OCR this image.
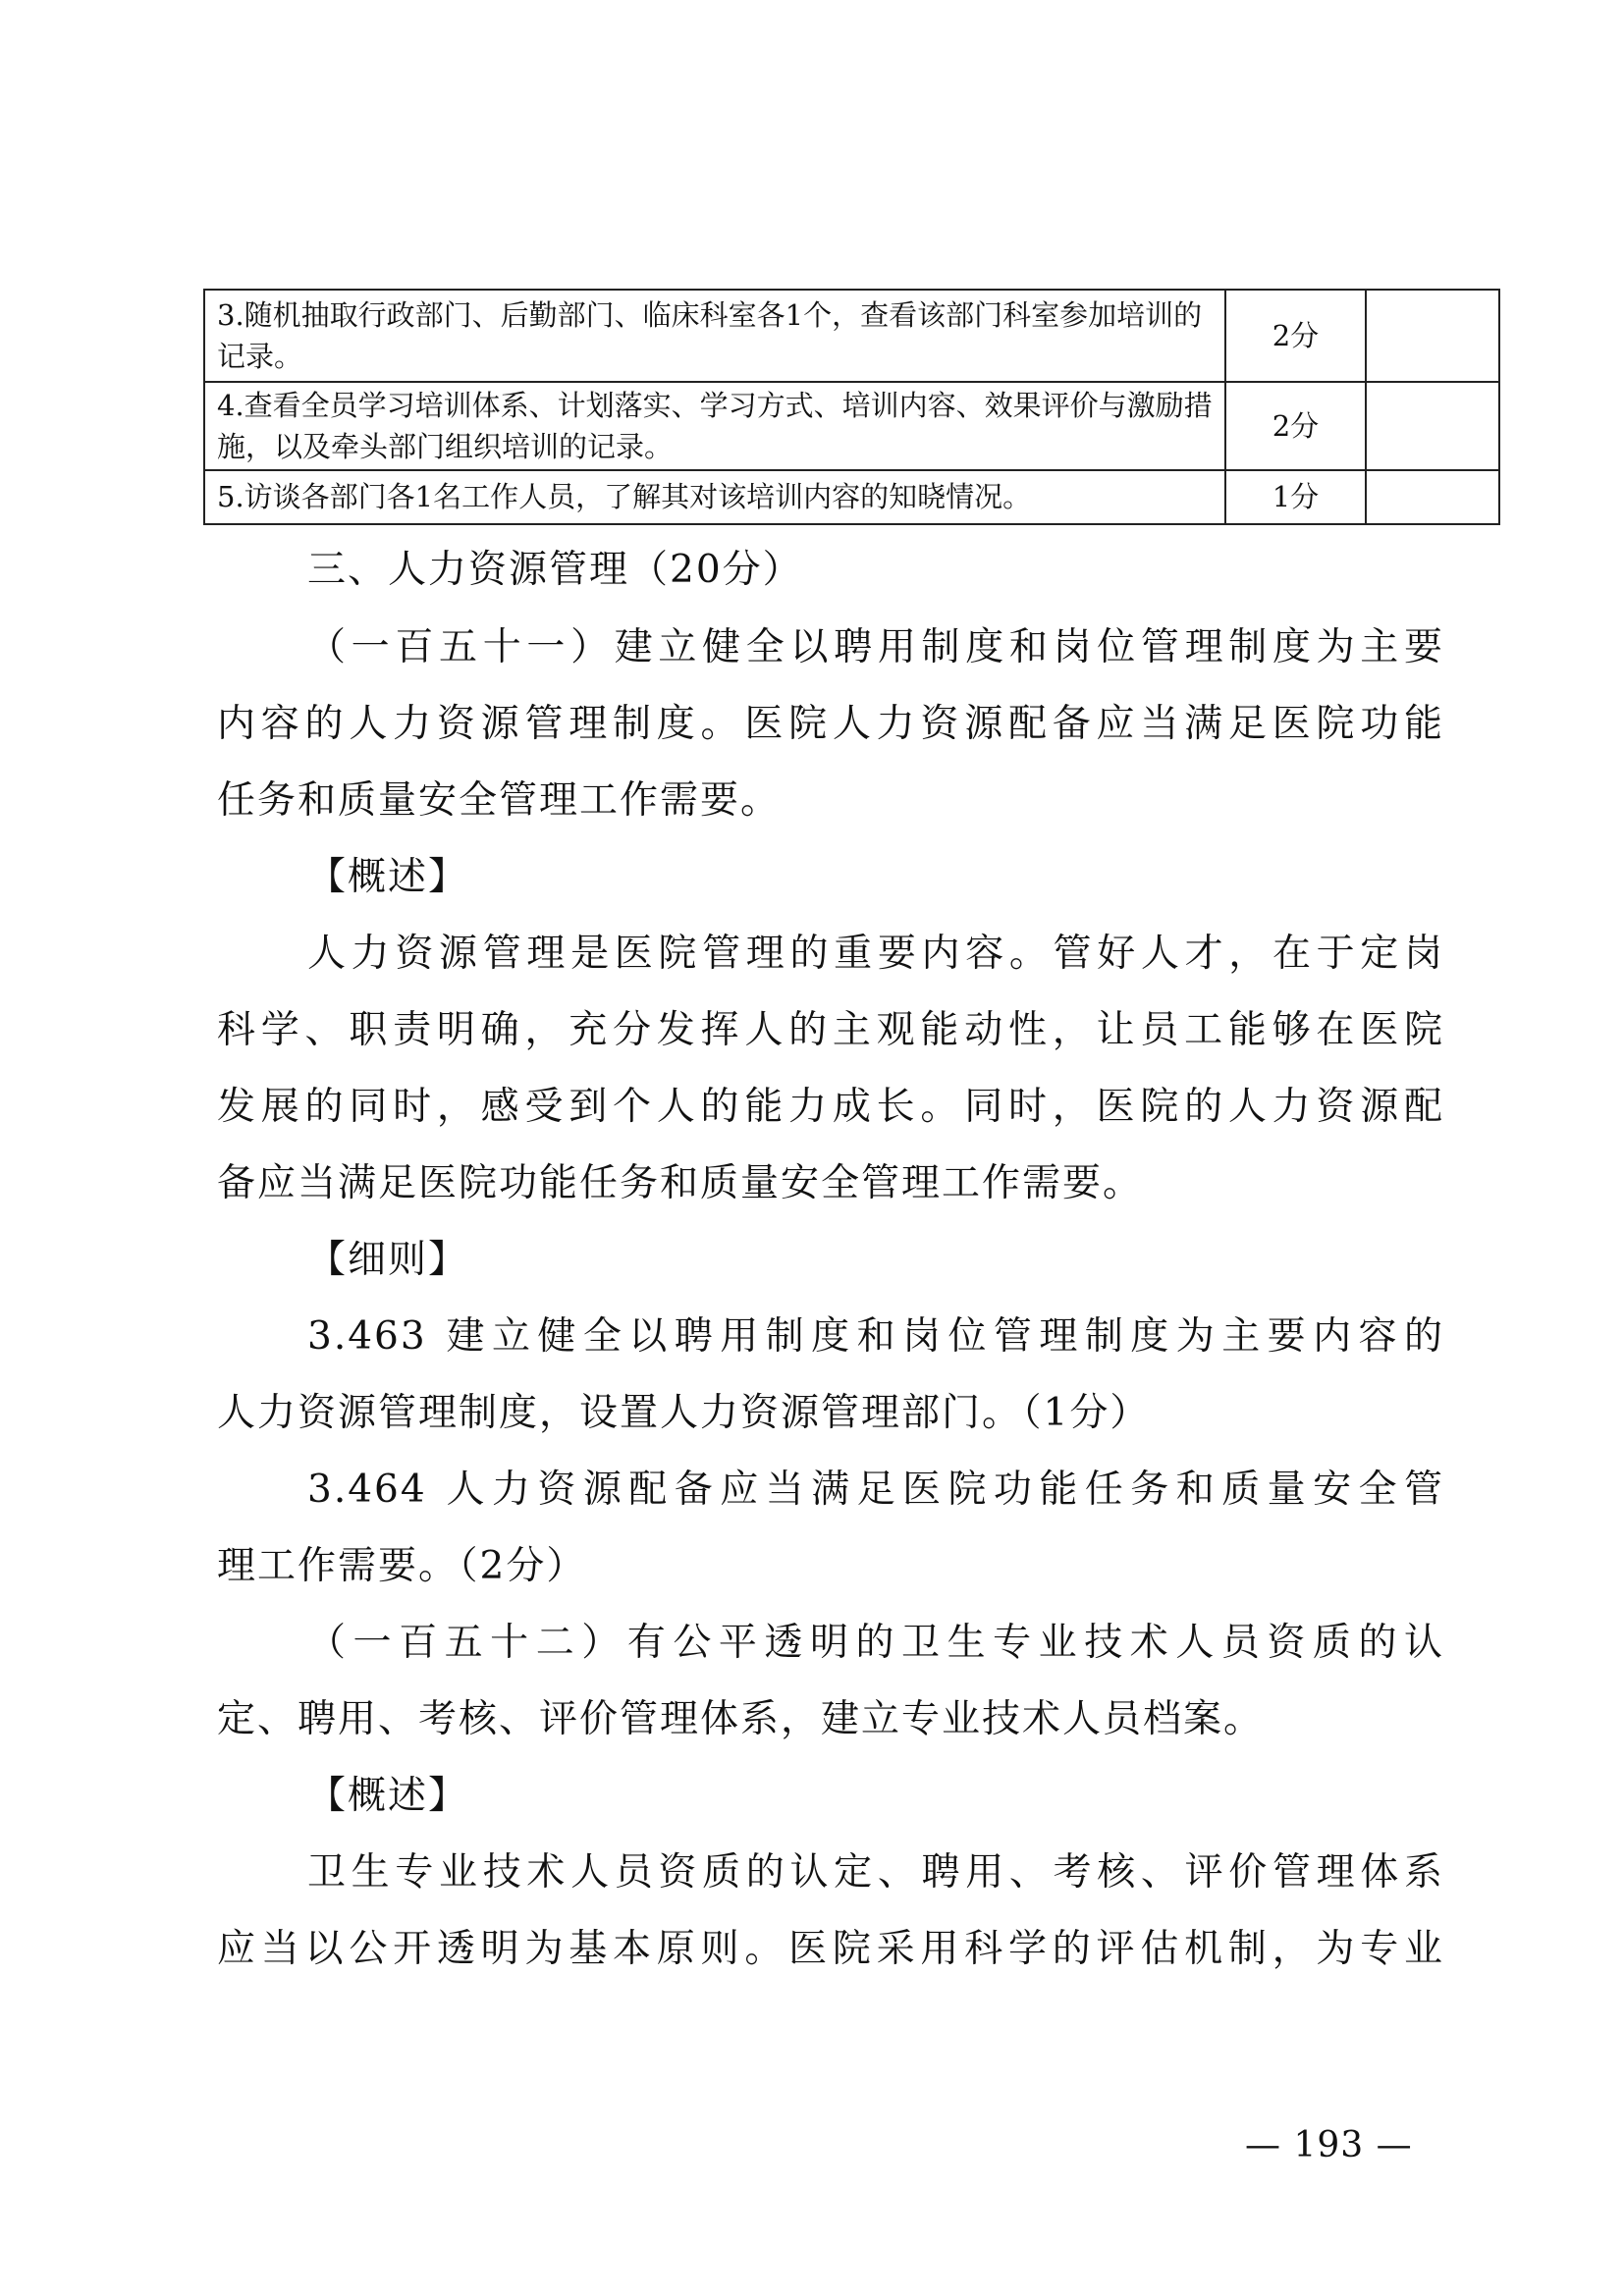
3.随机抽取行政部门、后勤部门、临床科室各1个，查看该部门科室参加培训的记录。	2分	
4.查看全员学习培训体系、计划落实、学习方式、培训内容、效果评价与激励措施，以及牵头部门组织培训的记录。	2分	
5.访谈各部门各1名工作人员，了解其对该培训内容的知晓情况。	1分	
三、人力资源管理（20分）
（一百五十一）建立健全以聘用制度和岗位管理制度为主要
内容的人力资源管理制度。医院人力资源配备应当满足医院功能
任务和质量安全管理工作需要。
【概述】
人力资源管理是医院管理的重要内容。管好人才，在于定岗
科学、职责明确，充分发挥人的主观能动性，让员工能够在医院
发展的同时，感受到个人的能力成长。同时，医院的人力资源配
备应当满足医院功能任务和质量安全管理工作需要。
【细则】
3.463 建立健全以聘用制度和岗位管理制度为主要内容的
人力资源管理制度，设置人力资源管理部门。（1分）
3.464 人力资源配备应当满足医院功能任务和质量安全管
理工作需要。（2分）
（一百五十二）有公平透明的卫生专业技术人员资质的认
定、聘用、考核、评价管理体系，建立专业技术人员档案。
【概述】
卫生专业技术人员资质的认定、聘用、考核、评价管理体系
应当以公开透明为基本原则。医院采用科学的评估机制，为专业
— 193 —
